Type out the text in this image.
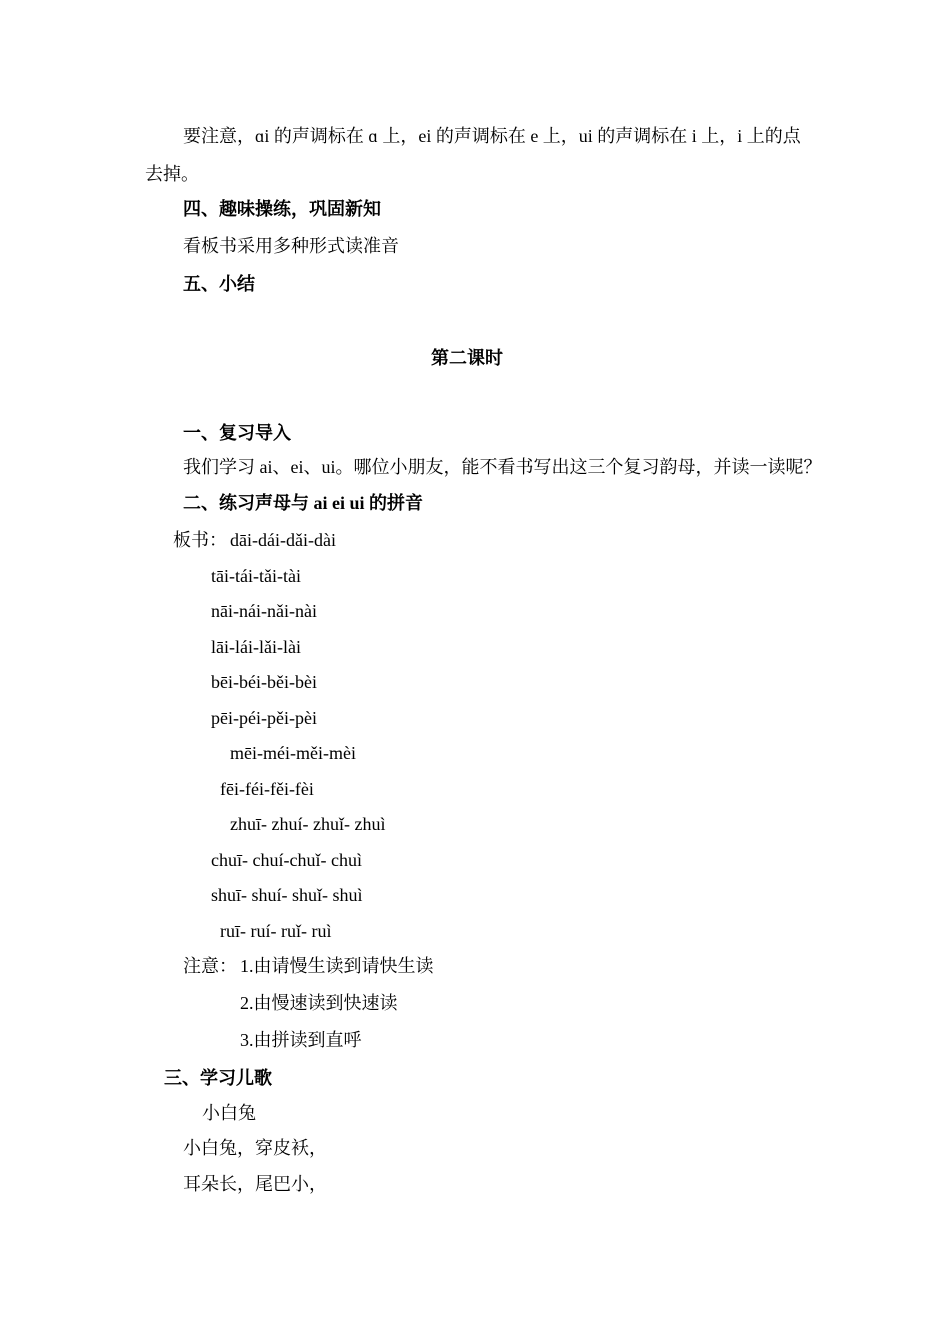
要注意，ɑi 的声调标在 ɑ 上，ei 的声调标在 e 上，ui 的声调标在 i 上，i 上的点
去掉。
四、趣味操练，巩固新知
看板书采用多种形式读准音
五、小结
第二课时
一、复习导入
我们学习 ai、ei、ui。哪位小朋友，能不看书写出这三个复习韵母，并读一读呢？
二、练习声母与 ai ei ui 的拼音
板书： dāi-dái-dǎi-dài
tāi-tái-tǎi-tài
nāi-nái-nǎi-nài
lāi-lái-lǎi-lài
bēi-béi-běi-bèi
pēi-péi-pěi-pèi
mēi-méi-měi-mèi
fēi-féi-fěi-fèi
zhuī- zhuí- zhuǐ- zhuì
chuī- chuí-chuǐ- chuì
shuī- shuí- shuǐ- shuì
ruī- ruí- ruǐ- ruì
注意： 1.由请慢生读到请快生读
2.由慢速读到快速读
3.由拼读到直呼
三、学习儿歌
小白兔
小白兔，穿皮袄，
耳朵长，尾巴小，
